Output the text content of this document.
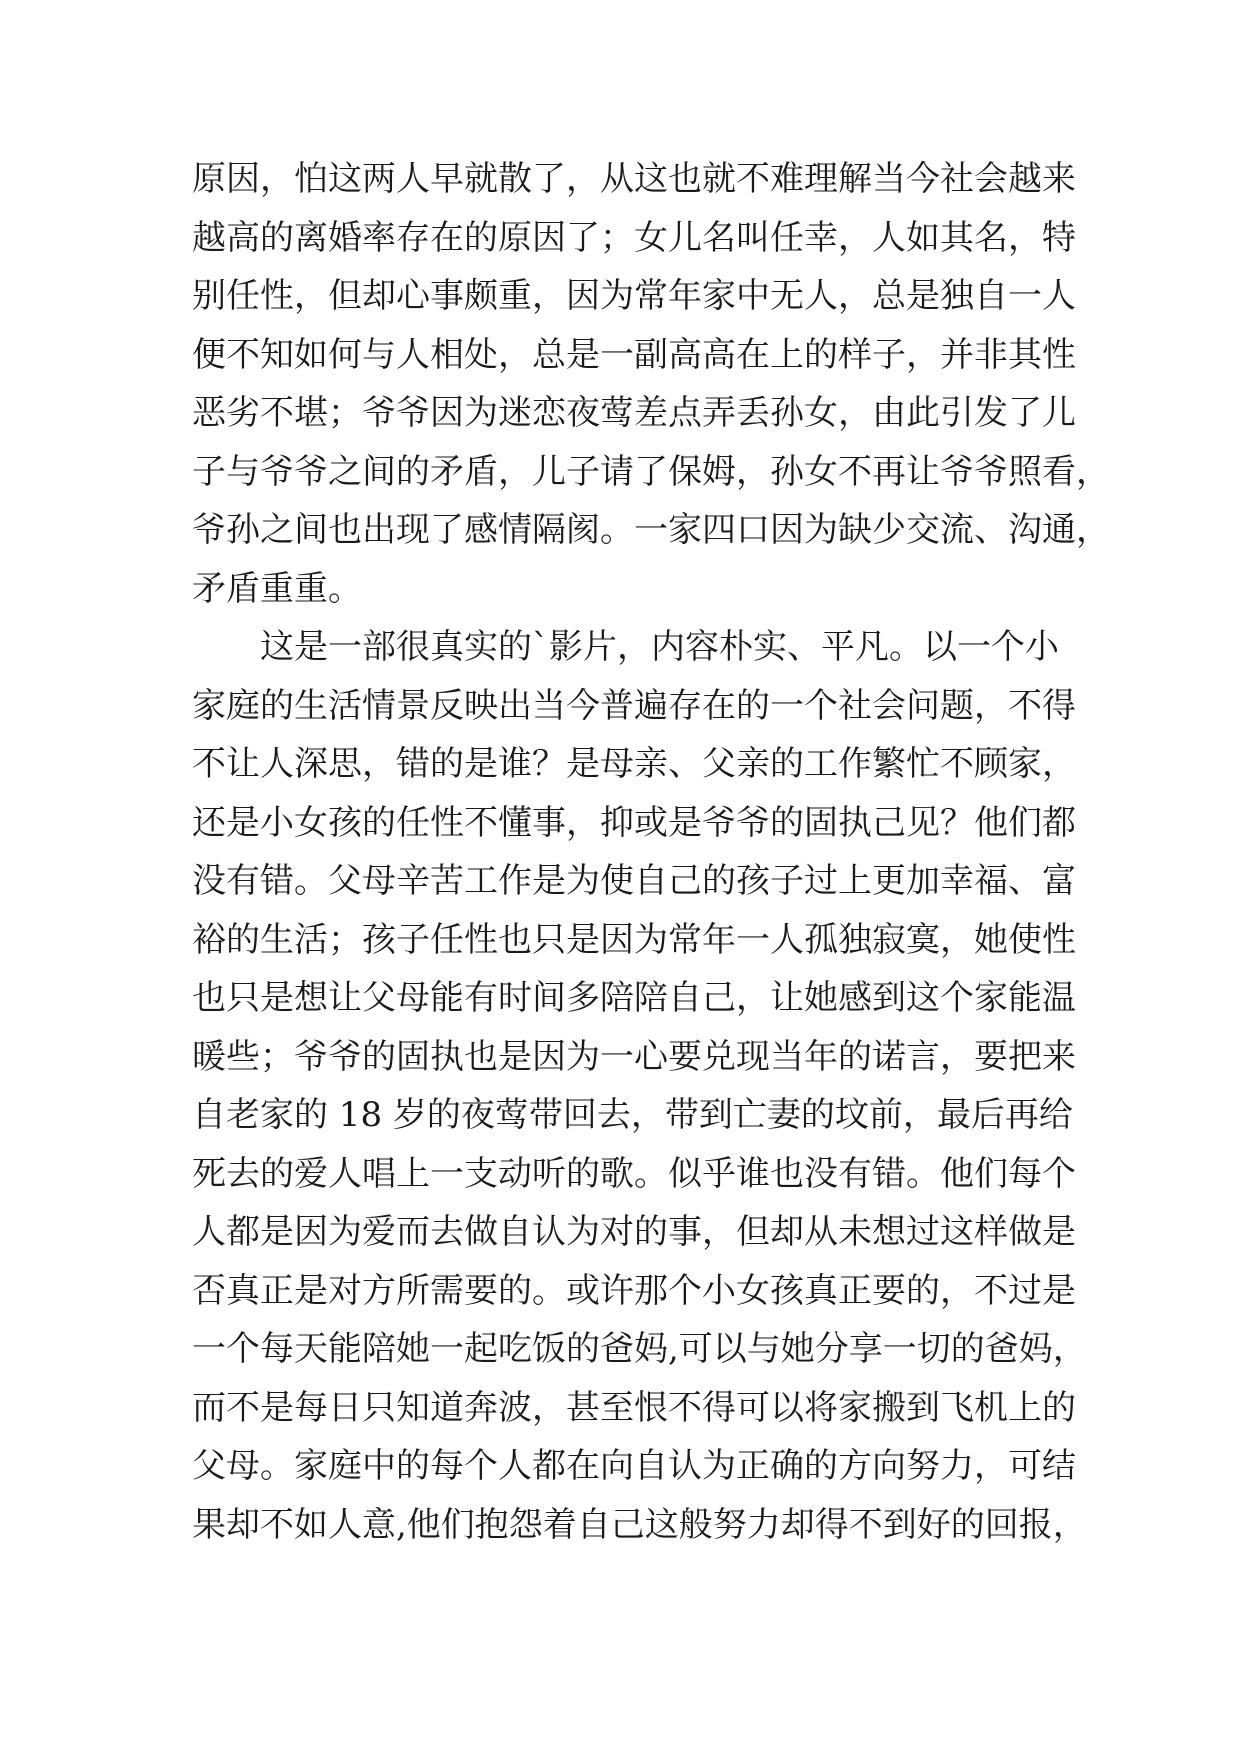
原因，怕这两人早就散了，从这也就不难理解当今社会越来
越高的离婚率存在的原因了；女儿名叫任幸，人如其名，特
别任性，但却心事颇重，因为常年家中无人，总是独自一人
便不知如何与人相处，总是一副高高在上的样子，并非其性
恶劣不堪；爷爷因为迷恋夜莺差点弄丢孙女，由此引发了儿
子与爷爷之间的矛盾，儿子请了保姆，孙女不再让爷爷照看，
爷孙之间也出现了感情隔阂。一家四口因为缺少交流、沟通，
矛盾重重。
这是一部很真实的`影片，内容朴实、平凡。以一个小
家庭的生活情景反映出当今普遍存在的一个社会问题，不得
不让人深思，错的是谁？是母亲、父亲的工作繁忙不顾家，
还是小女孩的任性不懂事，抑或是爷爷的固执己见？他们都
没有错。父母辛苦工作是为使自己的孩子过上更加幸福、富
裕的生活；孩子任性也只是因为常年一人孤独寂寞，她使性
也只是想让父母能有时间多陪陪自己，让她感到这个家能温
暖些；爷爷的固执也是因为一心要兑现当年的诺言，要把来
自老家的 18 岁的夜莺带回去，带到亡妻的坟前，最后再给
死去的爱人唱上一支动听的歌。似乎谁也没有错。他们每个
人都是因为爱而去做自认为对的事，但却从未想过这样做是
否真正是对方所需要的。或许那个小女孩真正要的，不过是
一个每天能陪她一起吃饭的爸妈,可以与她分享一切的爸妈，
而不是每日只知道奔波，甚至恨不得可以将家搬到飞机上的
父母。家庭中的每个人都在向自认为正确的方向努力，可结
果却不如人意,他们抱怨着自己这般努力却得不到好的回报，
